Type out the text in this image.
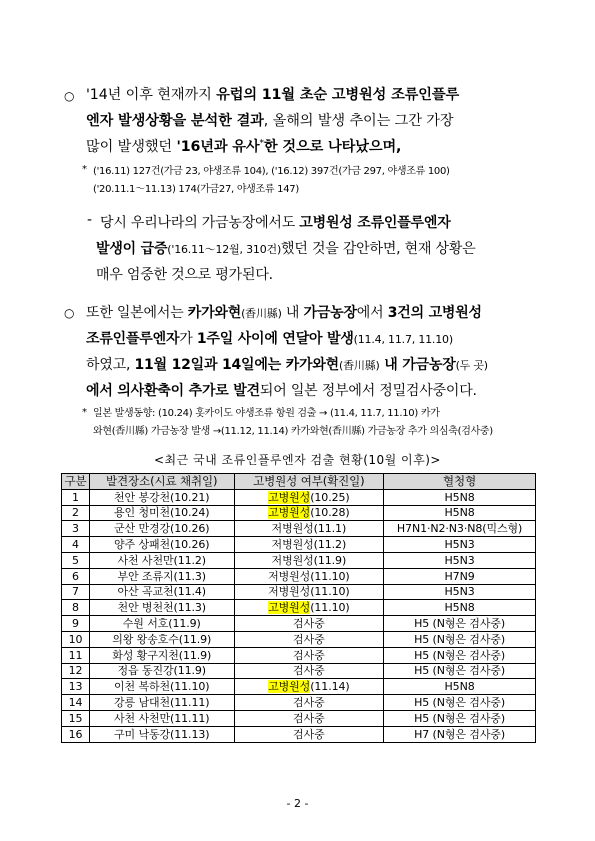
○ '14년 이후 현재까지 유럽의 11월 초순 고병원성 조류인플루
엔자 발생상황을 분석한 결과, 올해의 발생 추이는 그간 가장
많이 발생했던 '16년과 유사*한 것으로 나타났으며,
* ('16.11) 127건(가금 23, 야생조류 104), ('16.12) 397건(가금 297, 야생조류 100)
('20.11.1～11.13) 174(가금27, 야생조류 147)
- 당시 우리나라의 가금농장에서도 고병원성 조류인플루엔자
발생이 급증('16.11～12월, 310건)했던 것을 감안하면, 현재 상황은
매우 엄중한 것으로 평가된다.
○ 또한 일본에서는 카가와현(香川縣) 내 가금농장에서 3건의 고병원성
조류인플루엔자가 1주일 사이에 연달아 발생(11.4, 11.7, 11.10)
하였고, 11월 12일과 14일에는 카가와현(香川縣) 내 가금농장(두 곳)
에서 의사환축이 추가로 발견되어 일본 정부에서 정밀검사중이다.
* 일본 발생동향: (10.24) 홋카이도 야생조류 항원 검출 → (11.4, 11.7, 11.10) 카가
와현(香川縣) 가금농장 발생 →(11.12, 11.14) 카가와현(香川縣) 가금농장 추가 의심축(검사중)
<최근 국내 조류인플루엔자 검출 현황(10월 이후)>
구분	발견장소(시료 채취일)	고병원성 여부(확진일)	혈청형
1	천안 봉강천(10.21)	고병원성(10.25)	H5N8
2	용인 청미천(10.24)	고병원성(10.28)	H5N8
3	군산 만경강(10.26)	저병원성(11.1)	H7N1·N2·N3·N8(믹스형)
4	양주 상패천(10.26)	저병원성(11.2)	H5N3
5	사천 사천만(11.2)	저병원성(11.9)	H5N3
6	부안 조류지(11.3)	저병원성(11.10)	H7N9
7	아산 곡교천(11.4)	저병원성(11.10)	H5N3
8	천안 병천천(11.3)	고병원성(11.10)	H5N8
9	수원 서호(11.9)	검사중	H5 (N형은 검사중)
10	의왕 왕송호수(11.9)	검사중	H5 (N형은 검사중)
11	화성 황구지천(11.9)	검사중	H5 (N형은 검사중)
12	정읍 동진강(11.9)	검사중	H5 (N형은 검사중)
13	이천 복하천(11.10)	고병원성(11.14)	H5N8
14	강릉 남대천(11.11)	검사중	H5 (N형은 검사중)
15	사천 사천만(11.11)	검사중	H5 (N형은 검사중)
16	구미 낙동강(11.13)	검사중	H7 (N형은 검사중)
- 2 -
